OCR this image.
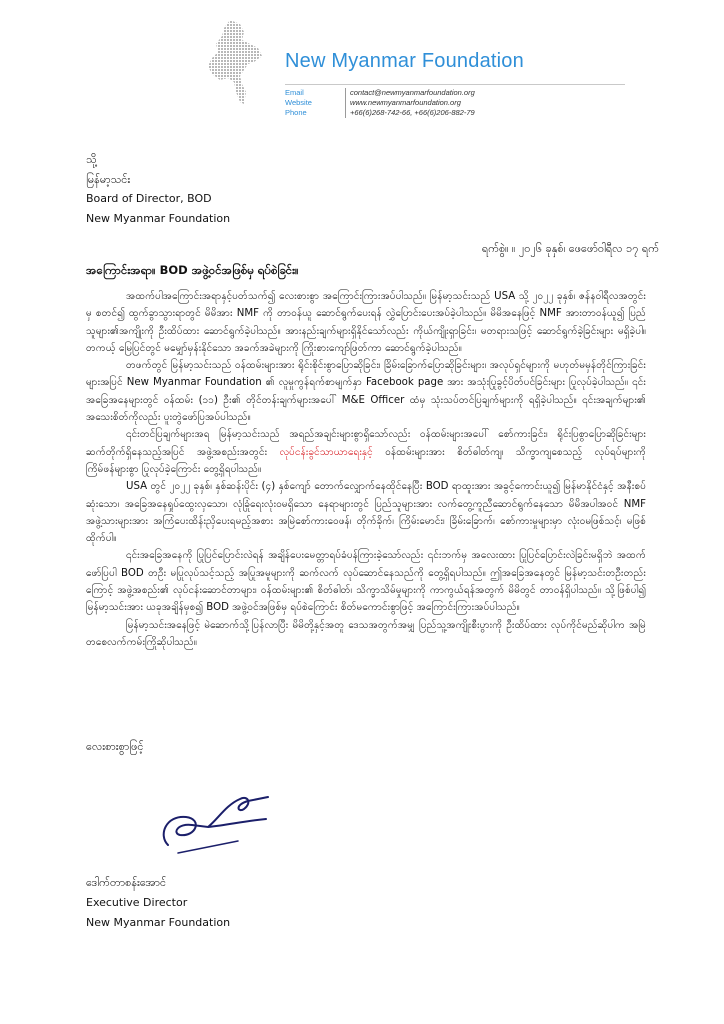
New Myanmar Foundation
Email
Website
Phone
contact@newmyanmarfoundation.org
www.newmyanmarfoundation.org
+66(6)268-742-66, +66(6)206-882-79
သို့
မြန်မာ့သင်း
Board of Director, BOD
New Myanmar Foundation
ရက်စွဲ။ ။ ၂၀၂၆ ခုနှစ်၊ ဖေဖော်ဝါရီလ ၁၇ ရက်
အကြောင်းအရာ။ BOD အဖွဲ့ဝင်အဖြစ်မှ ရပ်စဲခြင်း။

အထက်ပါအကြောင်းအရာနှင့်ပတ်သက်၍ လေးစားစွာ အကြောင်းကြားအပ်ပါသည်။ မြန်မာ့သင်းသည် USA သို့ ၂၀၂၂ ခုနှစ်၊ ဇန်နဝါရီလအတွင်းမှ စတင်၍ ထွက်ခွာသွားရာတွင် မိမိအား NMF ကို တာဝန်ယူ ဆောင်ရွက်ပေးရန် လွှဲပြောင်းပေးအပ်ခဲ့ပါသည်။ မိမိအနေဖြင့် NMF အားတာဝန်ယူ၍ ပြည်သူများ၏အကျိုးကို ဦးထိပ်ထား ဆောင်ရွက်ခဲ့ပါသည်။ အားနည်းချက်များရှိနိုင်သော်လည်း ကိုယ်ကျိုးရှာခြင်း၊ မတရားသဖြင့် ဆောင်ရွက်ခဲ့ခြင်းများ မရှိခဲ့ပါ။ တကယ့် မြေပြင်တွင် မမျှော်မှန်းနိုင်သော အခက်အခဲများကို ကြိုးစားကျော်ဖြတ်ကာ ဆောင်ရွက်ခဲ့ပါသည်။

တဖက်တွင် မြန်မာ့သင်းသည် ဝန်ထမ်းများအား ရိုင်းစိုင်းစွာပြောဆိုခြင်း၊ ခြိမ်းခြောက်ပြောဆိုခြင်းများ၊ အလုပ်ရှင်များကို မဟုတ်မမှန်တိုင်ကြားခြင်းများအပြင် New Myanmar Foundation ၏ လူမှုကွန်ရက်စာမျက်နှာ Facebook page အား အသုံးပြုခွင့်ပိတ်ပင်ခြင်းများ ပြုလုပ်ခဲ့ပါသည်။ ၎င်းအခြေအနေများတွင် ဝန်ထမ်း (၁၁) ဦး၏ တိုင်တန်းချက်များအပေါ် M&E Officer ထံမှ သုံးသပ်တင်ပြချက်များကို ရရှိခဲ့ပါသည်။ ၎င်းအချက်များ၏ အသေးစိတ်ကိုလည်း ပူးတွဲဖော်ပြအပ်ပါသည်။

၎င်းတင်ပြချက်များအရ မြန်မာ့သင်းသည် အရည်အချင်းများစွာရှိသော်လည်း ဝန်ထမ်းများအပေါ် စော်ကားခြင်း၊ ရိုင်းပြစွာပြောဆိုခြင်းများ ဆက်တိုက်ရှိနေသည့်အပြင် အဖွဲ့အစည်းအတွင်း လုပ်ငန်းခွင်သာယာရေးနှင့် ဝန်ထမ်းများအား စိတ်ဓါတ်ကျ၊ သိက္ခာကျစေသည့် လုပ်ရပ်များကို ကြိမ်ဖန်များစွာ ပြုလုပ်ခဲ့ကြောင်း တွေ့ရှိရပါသည်။

USA တွင် ၂၀၂၂ ခုနှစ်၊ နှစ်ဆန်းပိုင်း (၄) နှစ်ကျော် တောက်လျှောက်နေထိုင်နေပြီး BOD ရာထူးအား အခွင့်ကောင်းယူ၍ မြန်မာနိုင်ငံနှင့် အနီးစပ်ဆုံးသော၊ အခြေအနေရှုပ်ထွေးလှသော၊ လုံခြုံရေးလုံးဝမရှိသော နေရာများတွင် ပြည်သူများအား လက်တွေ့ကူညီဆောင်ရွက်နေသော မိမိအပါအဝင် NMF အဖွဲ့သားများအား အကြံပေးထိန်းညှိပေးရမည့်အစား အမြဲစော်ကားဝေဖန်၊ တိုက်ခိုက်၊ ကြိမ်းမောင်း၊ ခြိမ်းခြောက်၊ စော်ကားမှုများမှာ လုံးဝမဖြစ်သင့်၊ မဖြစ်ထိုက်ပါ။

၎င်းအခြေအနေကို ပြုပြင်ပြောင်းလဲရန် အချိန်ပေးမေတ္တာရပ်ခံပန်ကြားခဲ့သော်လည်း ၎င်းဘက်မှ အလေးထား ပြုပြင်ပြောင်းလဲခြင်းမရှိဘဲ အထက်ဖော်ပြပါ BOD တဦး မပြုလုပ်သင့်သည့် အပြုအမူများကို ဆက်လက် လုပ်ဆောင်နေသည်ကို တွေ့ရှိရပါသည်။ ဤအခြေအနေတွင် မြန်မာ့သင်းတဦးတည်းကြောင့် အဖွဲ့အစည်း၏ လုပ်ငန်းဆောင်တာများ၊ ဝန်ထမ်းများ၏ စိတ်ဓါတ်၊ သိက္ခာသိမ်မှုများကို ကာကွယ်ရန်အတွက် မိမိတွင် တာဝန်ရှိပါသည်။ သို့ဖြစ်ပါ၍ မြန်မာ့သင်းအား ယခုအချိန်မှစ၍ BOD အဖွဲ့ဝင်အဖြစ်မှ ရပ်စဲကြောင်း စိတ်မကောင်းစွာဖြင့် အကြောင်းကြားအပ်ပါသည်။

မြန်မာ့သင်းအနေဖြင့် မဲဆောက်သို့ပြန်လာပြီး မိမိတို့နှင့်အတူ ဒေသအတွက်အမျှ ပြည်သူ့အကျိုးစီးပွားကို ဦးထိပ်ထား လုပ်ကိုင်မည်ဆိုပါက အမြဲတစေလက်ကမ်းကြိုဆိုပါသည်။

လေးစားစွာဖြင့်
ဒေါက်တာစန်းအောင်
Executive Director
New Myanmar Foundation
